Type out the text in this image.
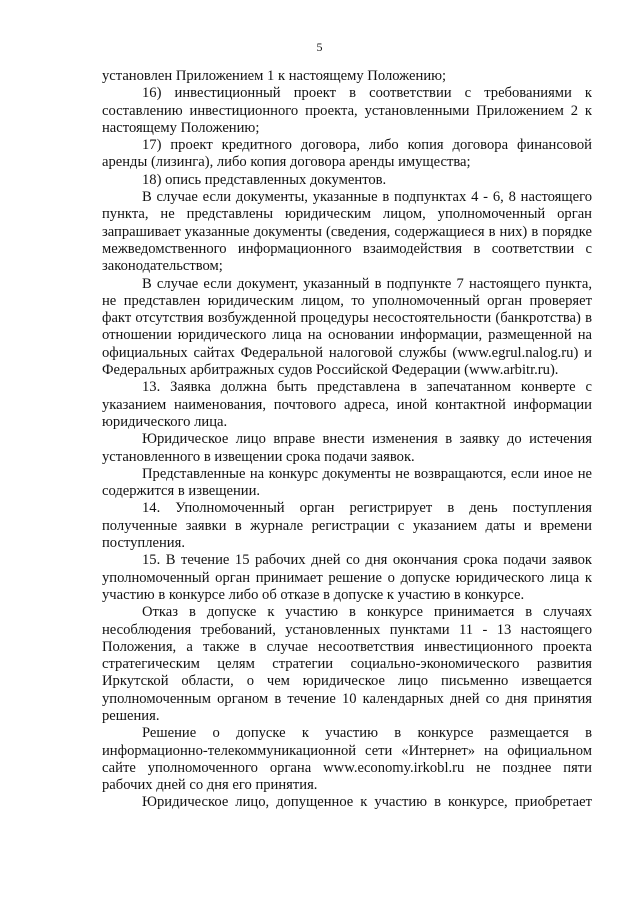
5

установлен Приложением 1 к настоящему Положению;

16) инвестиционный проект в соответствии с требованиями к составлению инвестиционного проекта, установленными Приложением 2 к настоящему Положению;

17) проект кредитного договора, либо копия договора финансовой аренды (лизинга), либо копия договора аренды имущества;

18) опись представленных документов.

В случае если документы, указанные в подпунктах 4 - 6, 8 настоящего пункта, не представлены юридическим лицом, уполномоченный орган запрашивает указанные документы (сведения, содержащиеся в них) в порядке межведомственного информационного взаимодействия в соответствии с законодательством;

В случае если документ, указанный в подпункте 7 настоящего пункта, не представлен юридическим лицом, то уполномоченный орган проверяет факт отсутствия возбужденной процедуры несостоятельности (банкротства) в отношении юридического лица на основании информации, размещенной на официальных сайтах Федеральной налоговой службы (www.egrul.nalog.ru) и Федеральных арбитражных судов Российской Федерации (www.arbitr.ru).

13. Заявка должна быть представлена в запечатанном конверте с указанием наименования, почтового адреса, иной контактной информации юридического лица.

Юридическое лицо вправе внести изменения в заявку до истечения установленного в извещении срока подачи заявок.

Представленные на конкурс документы не возвращаются, если иное не содержится в извещении.

14. Уполномоченный орган регистрирует в день поступления полученные заявки в журнале регистрации с указанием даты и времени поступления.

15. В течение 15 рабочих дней со дня окончания срока подачи заявок уполномоченный орган принимает решение о допуске юридического лица к участию в конкурсе либо об отказе в допуске к участию в конкурсе.

Отказ в допуске к участию в конкурсе принимается в случаях несоблюдения требований, установленных пунктами 11 - 13 настоящего Положения, а также в случае несоответствия инвестиционного проекта стратегическим целям стратегии социально-экономического развития Иркутской области, о чем юридическое лицо письменно извещается уполномоченным органом в течение 10 календарных дней со дня принятия решения.

Решение о допуске к участию в конкурсе размещается в информационно-телекоммуникационной сети «Интернет» на официальном сайте уполномоченного органа www.economy.irkobl.ru не позднее пяти рабочих дней со дня его принятия.

Юридическое лицо, допущенное к участию в конкурсе, приобретает
